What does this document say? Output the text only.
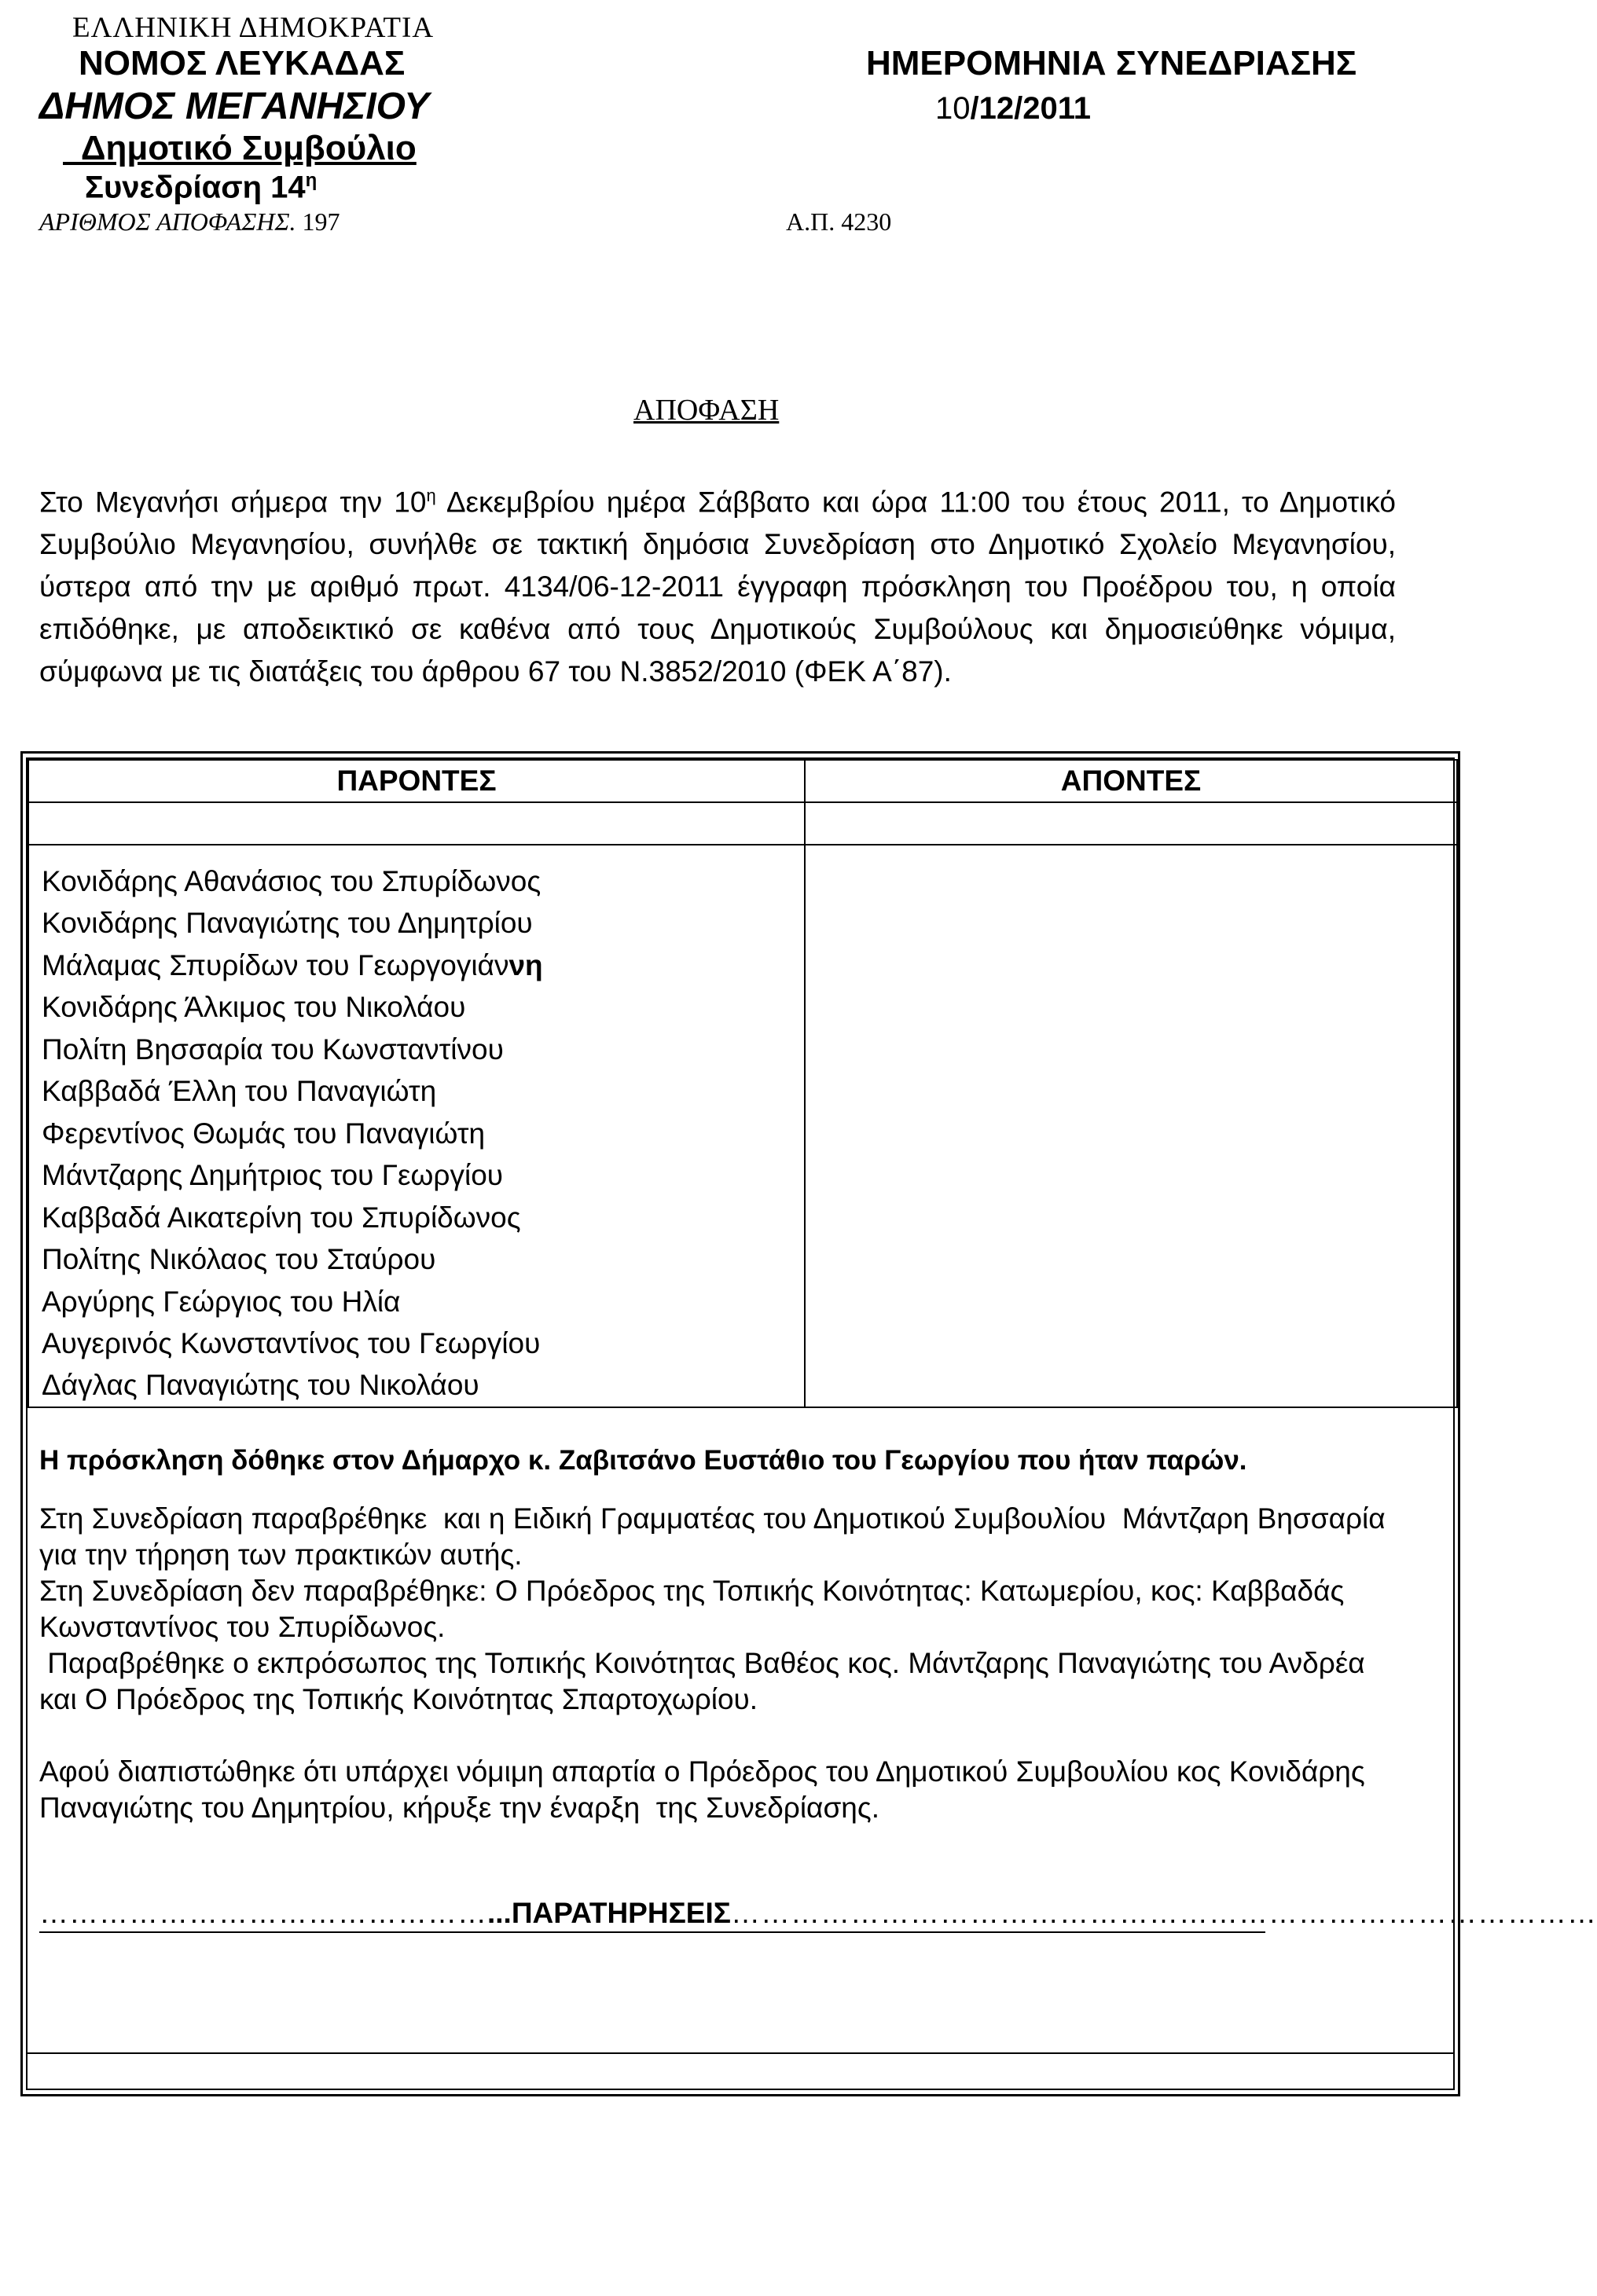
ΕΛΛΗΝΙΚΗ ΔΗΜΟΚΡΑΤΙΑ
ΝΟΜΟΣ ΛΕΥΚΑΔΑΣ
ΔΗΜΟΣ ΜΕΓΑΝΗΣΙΟΥ
Δημοτικό Συμβούλιο
Συνεδρίαση $14^\eta$
ΑΡΙΘΜΟΣ ΑΠΟΦΑΣΗΣ. 197	Α.Π. 4230
ΗΜΕΡΟΜΗΝΙΑ ΣΥΝΕΔΡΙΑΣΗΣ
10/12/2011
ΑΠΟΦΑΣΗ
Στο Μεγανήσι σήμερα την $10^\eta$ Δεκεμβρίου ημέρα Σάββατο και ώρα 11:00 του έτους 2011, το Δημοτικό Συμβούλιο Μεγανησίου, συνήλθε σε τακτική δημόσια Συνεδρίαση στο Δημοτικό Σχολείο Μεγανησίου, ύστερα από την με αριθμό πρωτ. 4134/06-12-2011 έγγραφη πρόσκληση του Προέδρου του, η οποία επιδόθηκε, με αποδεικτικό σε καθένα από τους Δημοτικούς Συμβούλους και δημοσιεύθηκε νόμιμα, σύμφωνα με τις διατάξεις του άρθρου 67 του Ν.3852/2010 (ΦΕΚ Α΄87).
ΠΑΡΟΝΤΕΣ	ΑΠΟΝΤΕΣ

Κονιδάρης Αθανάσιος του Σπυρίδωνος	
Κονιδάρης Παναγιώτης του Δημητρίου	
Μάλαμας Σπυρίδων του Γεωργογιάννη	
Κονιδάρης Άλκιμος του Νικολάου	
Πολίτη Βησσαρία του Κωνσταντίνου	
Καββαδά Έλλη του Παναγιώτη	
Φερεντίνος Θωμάς του Παναγιώτη	
Μάντζαρης Δημήτριος του Γεωργίου	
Καββαδά Αικατερίνη του Σπυρίδωνος	
Πολίτης Νικόλαος του Σταύρου	
Αργύρης Γεώργιος του Ηλία	
Αυγερινός Κωνσταντίνος του Γεωργίου	
Δάγλας Παναγιώτης του Νικολάου	
Η πρόσκληση δόθηκε στον Δήμαρχο κ. Ζαβιτσάνο Ευστάθιο του Γεωργίου που ήταν παρών.
Στη Συνεδρίαση παραβρέθηκε  και η Ειδική Γραμματέας του Δημοτικού Συμβουλίου  Μάντζαρη Βησσαρία για την τήρηση των πρακτικών αυτής.
Στη Συνεδρίαση δεν παραβρέθηκε: Ο Πρόεδρος της Τοπικής Κοινότητας: Κατωμερίου, κος: Καββαδάς Κωνσταντίνος του Σπυρίδωνος.
Παραβρέθηκε ο εκπρόσωπος της Τοπικής Κοινότητας Βαθέος κος. Μάντζαρης Παναγιώτης του Ανδρέα και Ο Πρόεδρος της Τοπικής Κοινότητας Σπαρτοχωρίου.
Αφού διαπιστώθηκε ότι υπάρχει νόμιμη απαρτία ο Πρόεδρος του Δημοτικού Συμβουλίου κος Κονιδάρης Παναγιώτης του Δημητρίου, κήρυξε την έναρξη  της Συνεδρίασης.
………………………………………...ΠΑΡΑΤΗΡΗΣΕΙΣ……………………………………………………………………………
